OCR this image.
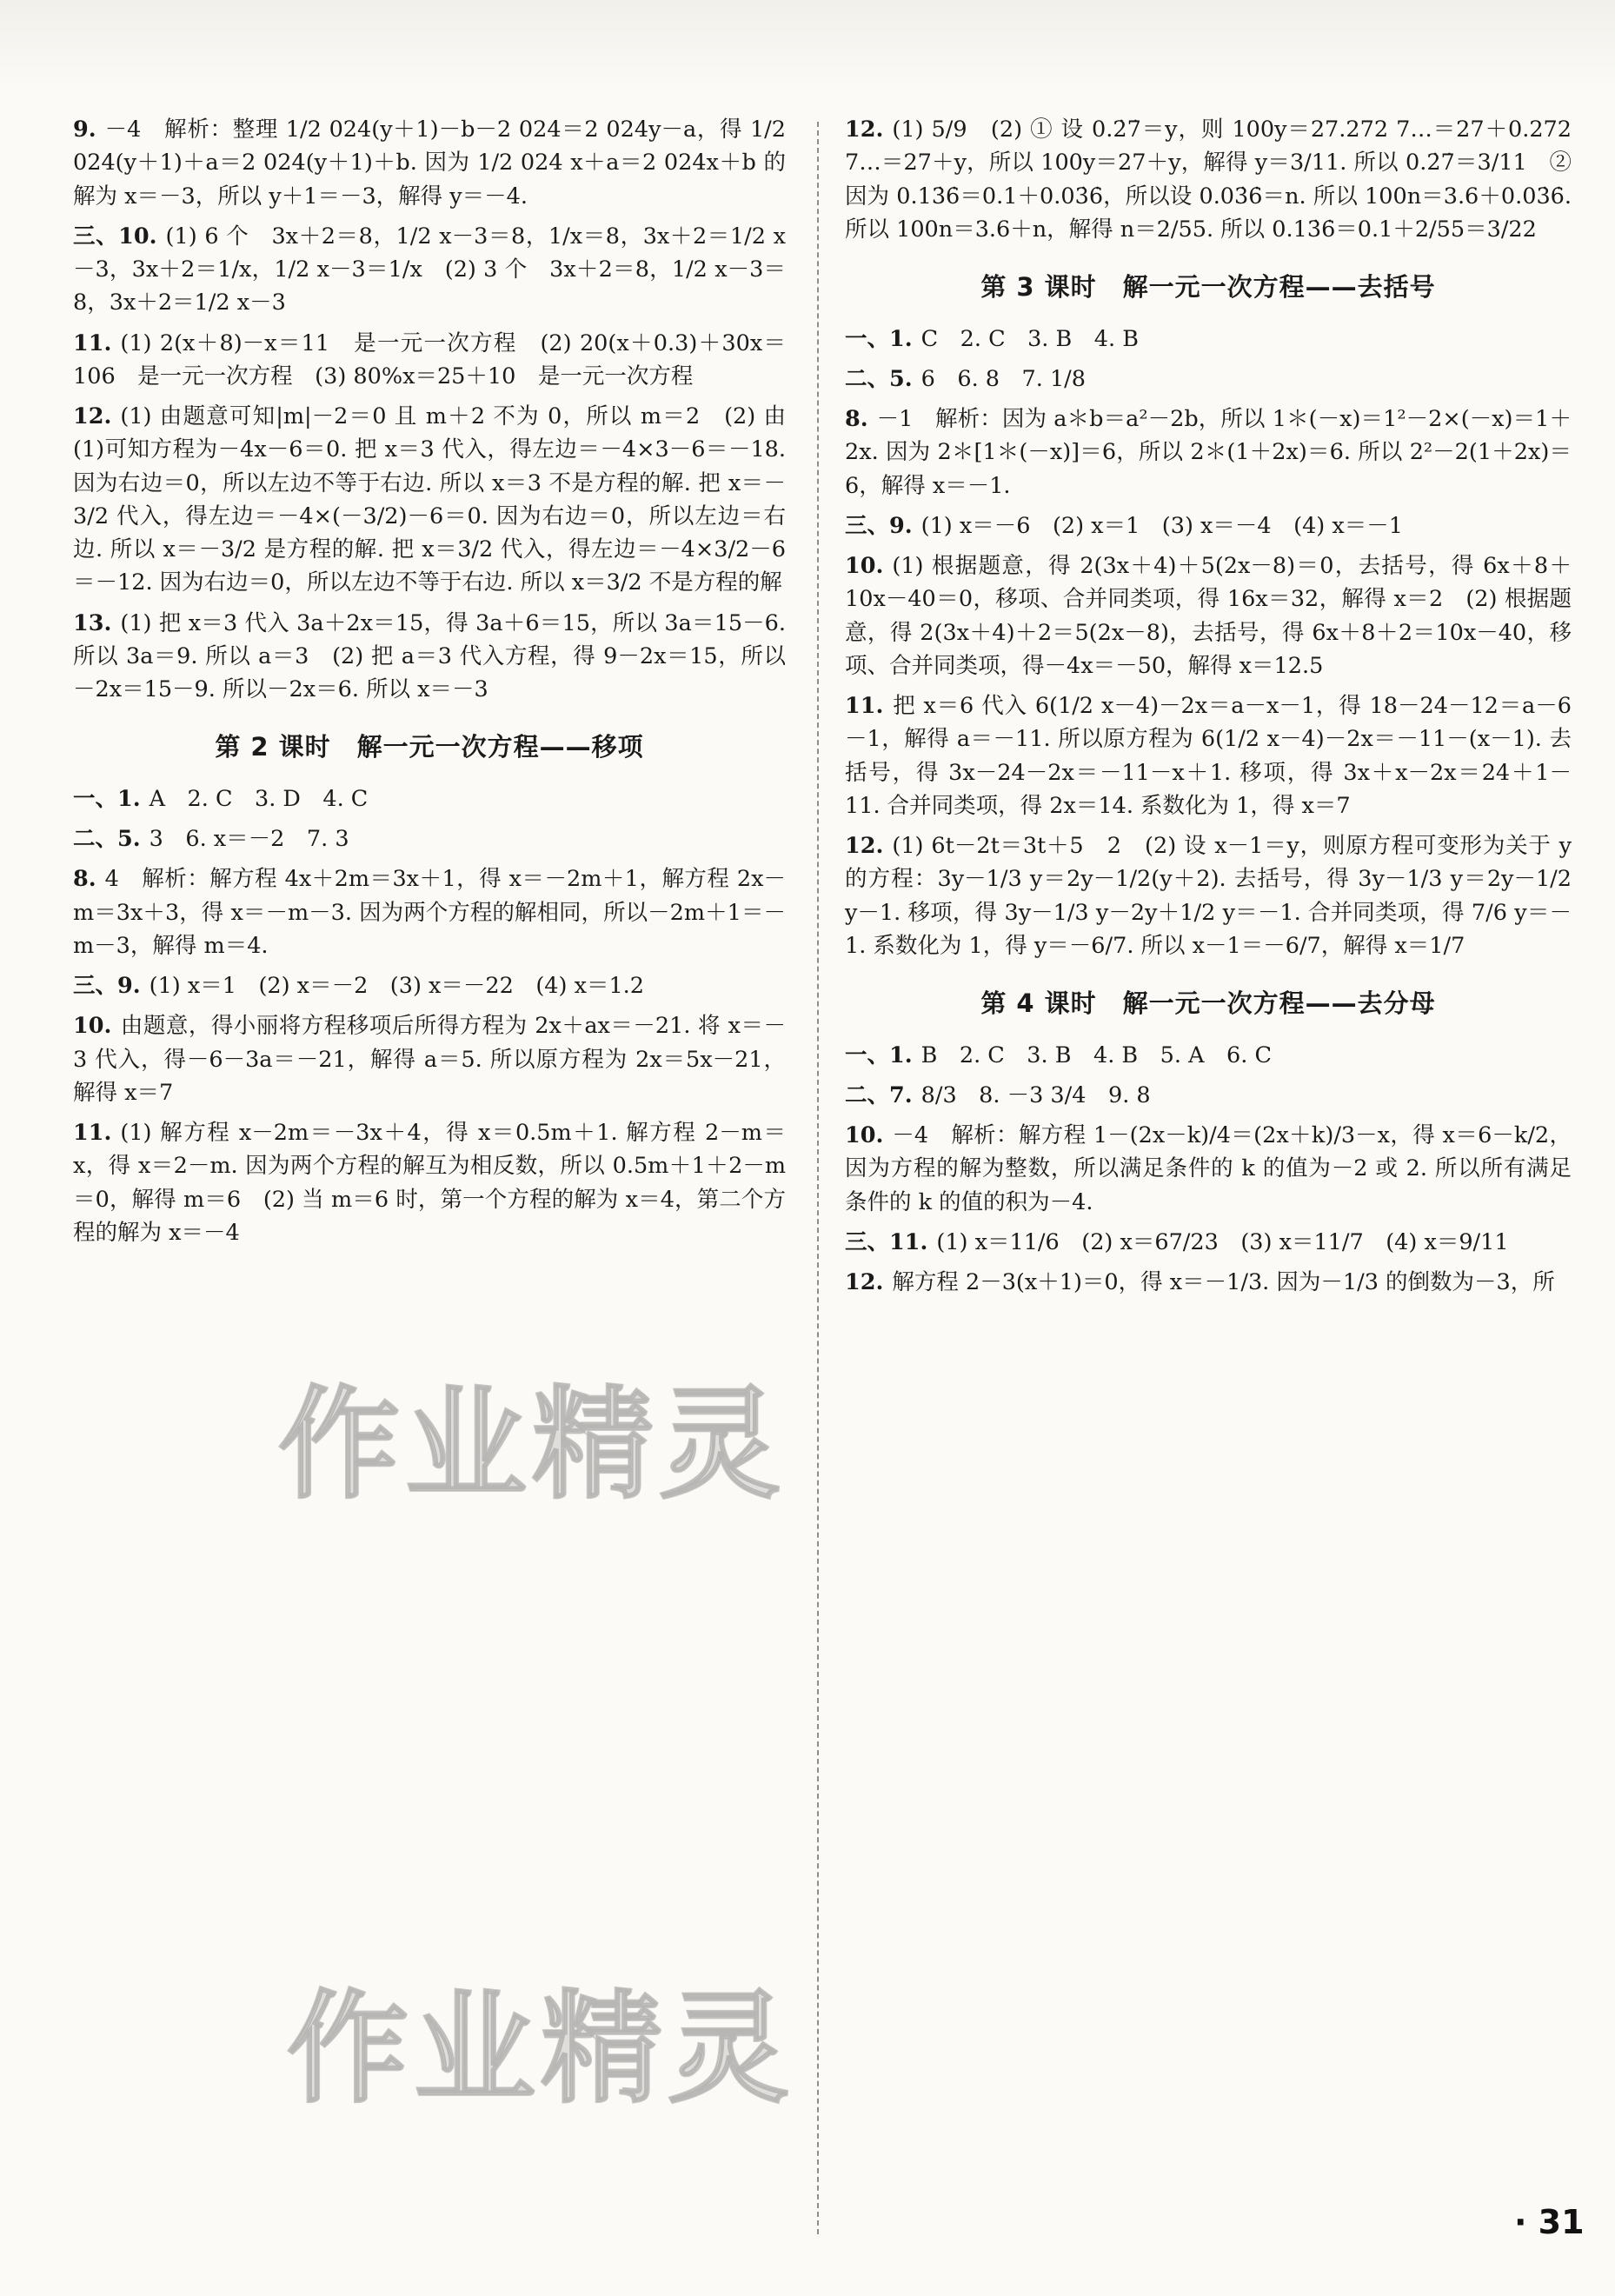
9. －4　解析：整理 1/2 024(y＋1)－b－2 024＝2 024y－a，得 1/2 024(y＋1)＋a＝2 024(y＋1)＋b. 因为 1/2 024 x＋a＝2 024x＋b 的解为 x＝－3，所以 y＋1＝－3，解得 y＝－4.
三、10. (1) 6 个　3x＋2＝8，1/2 x－3＝8，1/x＝8，3x＋2＝1/2 x－3，3x＋2＝1/x，1/2 x－3＝1/x　(2) 3 个　3x＋2＝8，1/2 x－3＝8，3x＋2＝1/2 x－3
11. (1) 2(x＋8)－x＝11　是一元一次方程　(2) 20(x＋0.3)＋30x＝106　是一元一次方程　(3) 80%x＝25＋10　是一元一次方程
12. (1) 由题意可知|m|－2＝0 且 m＋2 不为 0，所以 m＝2　(2) 由(1)可知方程为－4x－6＝0. 把 x＝3 代入，得左边＝－4×3－6＝－18. 因为右边＝0，所以左边不等于右边. 所以 x＝3 不是方程的解. 把 x＝－3/2 代入，得左边＝－4×(－3/2)－6＝0. 因为右边＝0，所以左边＝右边. 所以 x＝－3/2 是方程的解. 把 x＝3/2 代入，得左边＝－4×3/2－6＝－12. 因为右边＝0，所以左边不等于右边. 所以 x＝3/2 不是方程的解
13. (1) 把 x＝3 代入 3a＋2x＝15，得 3a＋6＝15，所以 3a＝15－6. 所以 3a＝9. 所以 a＝3　(2) 把 a＝3 代入方程，得 9－2x＝15，所以－2x＝15－9. 所以－2x＝6. 所以 x＝－3
第 2 课时　解一元一次方程——移项
一、1. A　2. C　3. D　4. C
二、5. 3　6. x＝－2　7. 3
8. 4　解析：解方程 4x＋2m＝3x＋1，得 x＝－2m＋1，解方程 2x－m＝3x＋3，得 x＝－m－3. 因为两个方程的解相同，所以－2m＋1＝－m－3，解得 m＝4.
三、9. (1) x＝1　(2) x＝－2　(3) x＝－22　(4) x＝1.2
10. 由题意，得小丽将方程移项后所得方程为 2x＋ax＝－21. 将 x＝－3 代入，得－6－3a＝－21，解得 a＝5. 所以原方程为 2x＝5x－21，解得 x＝7
11. (1) 解方程 x－2m＝－3x＋4，得 x＝0.5m＋1. 解方程 2－m＝x，得 x＝2－m. 因为两个方程的解互为相反数，所以 0.5m＋1＋2－m＝0，解得 m＝6　(2) 当 m＝6 时，第一个方程的解为 x＝4，第二个方程的解为 x＝－4
12. (1) 5/9　(2) ① 设 0.2̇7̇＝y，则 100y＝27.272 7…＝27＋0.272 7…＝27＋y，所以 100y＝27＋y，解得 y＝3/11. 所以 0.2̇7̇＝3/11　② 因为 0.13̇6̇＝0.1＋0.03̇6̇，所以设 0.03̇6̇＝n. 所以 100n＝3.6＋0.03̇6̇. 所以 100n＝3.6＋n，解得 n＝2/55. 所以 0.13̇6̇＝0.1＋2/55＝3/22
第 3 课时　解一元一次方程——去括号
一、1. C　2. C　3. B　4. B
二、5. 6　6. 8　7. 1/8
8. －1　解析：因为 a＊b＝a²－2b，所以 1＊(－x)＝1²－2×(－x)＝1＋2x. 因为 2＊[1＊(－x)]＝6，所以 2＊(1＋2x)＝6. 所以 2²－2(1＋2x)＝6，解得 x＝－1.
三、9. (1) x＝－6　(2) x＝1　(3) x＝－4　(4) x＝－1
10. (1) 根据题意，得 2(3x＋4)＋5(2x－8)＝0，去括号，得 6x＋8＋10x－40＝0，移项、合并同类项，得 16x＝32，解得 x＝2　(2) 根据题意，得 2(3x＋4)＋2＝5(2x－8)，去括号，得 6x＋8＋2＝10x－40，移项、合并同类项，得－4x＝－50，解得 x＝12.5
11. 把 x＝6 代入 6(1/2 x－4)－2x＝a－x－1，得 18－24－12＝a－6－1，解得 a＝－11. 所以原方程为 6(1/2 x－4)－2x＝－11－(x－1). 去括号，得 3x－24－2x＝－11－x＋1. 移项，得 3x＋x－2x＝24＋1－11. 合并同类项，得 2x＝14. 系数化为 1，得 x＝7
12. (1) 6t－2t＝3t＋5　2　(2) 设 x－1＝y，则原方程可变形为关于 y 的方程：3y－1/3 y＝2y－1/2(y＋2). 去括号，得 3y－1/3 y＝2y－1/2 y－1. 移项，得 3y－1/3 y－2y＋1/2 y＝－1. 合并同类项，得 7/6 y＝－1. 系数化为 1，得 y＝－6/7. 所以 x－1＝－6/7，解得 x＝1/7
第 4 课时　解一元一次方程——去分母
一、1. B　2. C　3. B　4. B　5. A　6. C
二、7. 8/3　8. －3 3/4　9. 8
10. －4　解析：解方程 1－(2x－k)/4＝(2x＋k)/3－x，得 x＝6－k/2，因为方程的解为整数，所以满足条件的 k 的值为－2 或 2. 所以所有满足条件的 k 的值的积为－4.
三、11. (1) x＝11/6　(2) x＝67/23　(3) x＝11/7　(4) x＝9/11
12. 解方程 2－3(x＋1)＝0，得 x＝－1/3. 因为－1/3 的倒数为－3，所
作业精灵
作业精灵
· 31
